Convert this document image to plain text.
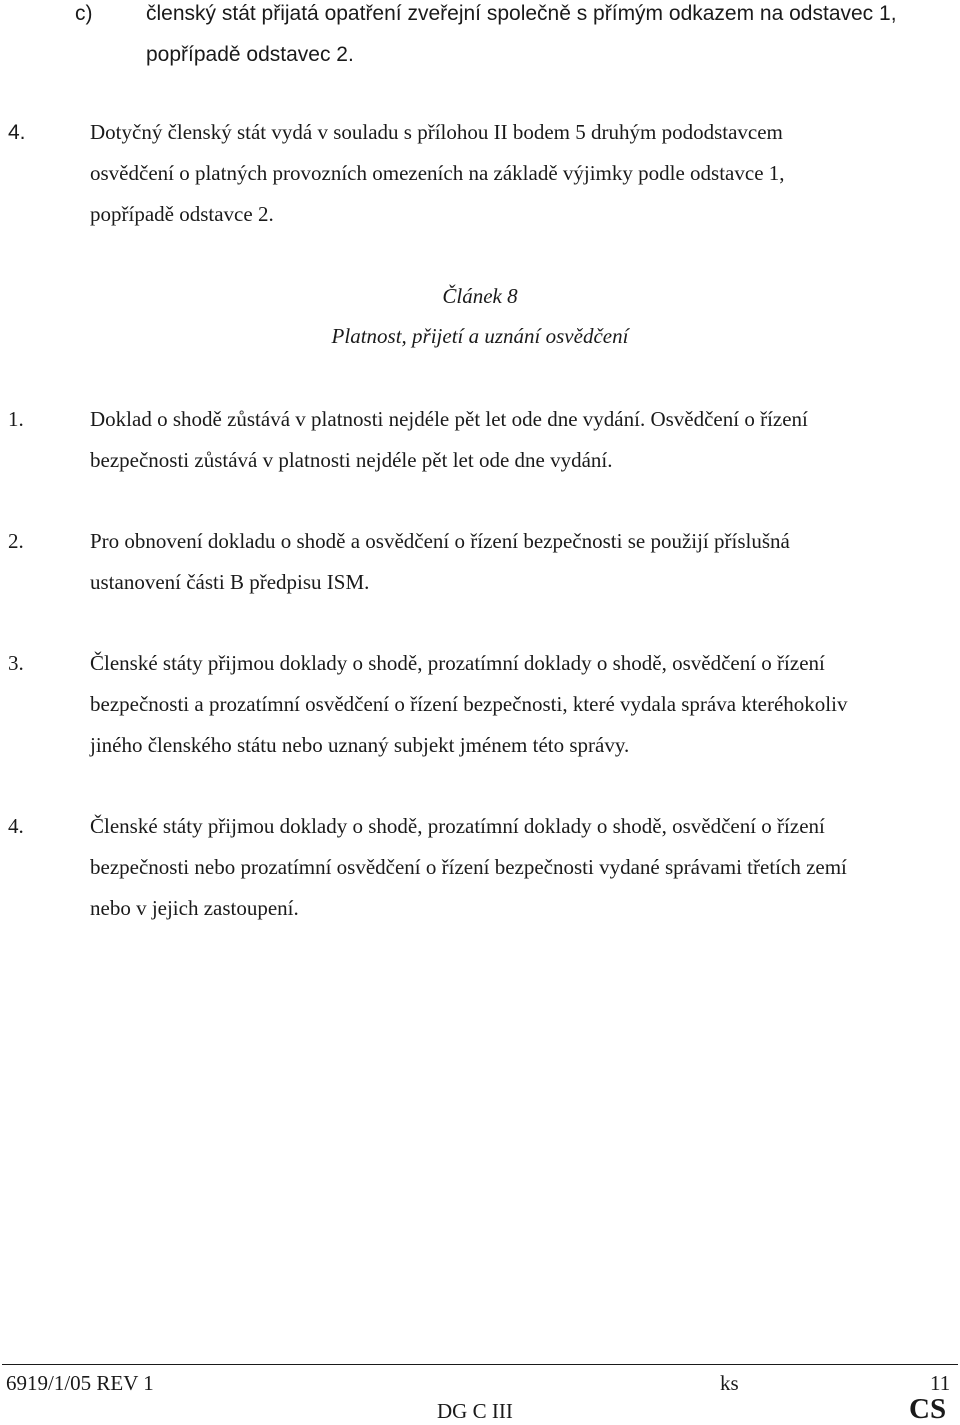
c)	členský stát přijatá opatření zveřejní společně s přímým odkazem na odstavec 1,
popřípadě odstavec 2.
4.	Dotyčný členský stát vydá v souladu s přílohou II bodem 5 druhým pododstavcem
osvědčení o platných provozních omezeních na základě výjimky podle odstavce 1,
popřípadě odstavce 2.
Článek 8
Platnost, přijetí a uznání osvědčení
1.	Doklad o shodě zůstává v platnosti nejdéle pět let ode dne vydání. Osvědčení o řízení
bezpečnosti zůstává v platnosti nejdéle pět let ode dne vydání.
2.	Pro obnovení dokladu o shodě a osvědčení o řízení bezpečnosti se použijí příslušná
ustanovení části B předpisu ISM.
3.	Členské státy přijmou doklady o shodě, prozatímní doklady o shodě, osvědčení o řízení
bezpečnosti a prozatímní osvědčení o řízení bezpečnosti, které vydala správa kteréhokoliv
jiného členského státu nebo uznaný subjekt jménem této správy.
4.	Členské státy přijmou doklady o shodě, prozatímní doklady o shodě, osvědčení o řízení
bezpečnosti nebo prozatímní osvědčení o řízení bezpečnosti vydané správami třetích zemí
nebo v jejich zastoupení.
6919/1/05 REV 1	ks	11
DG C III	CS
